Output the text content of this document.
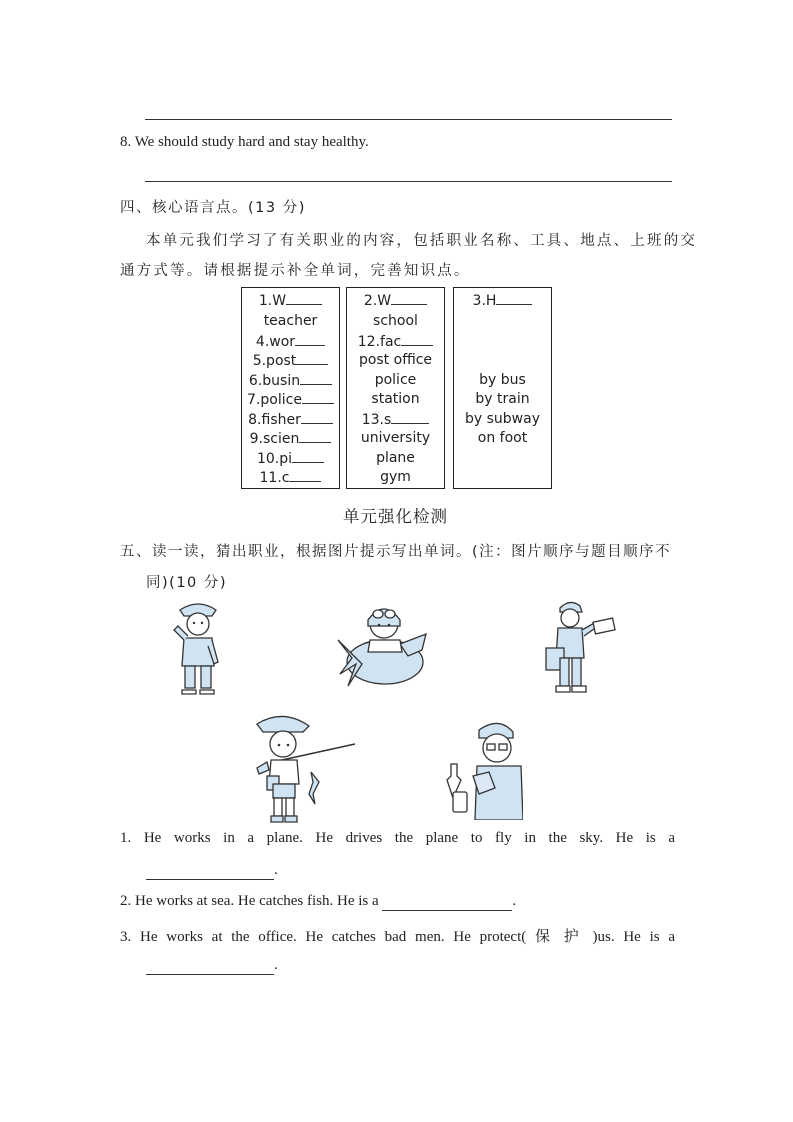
8. We should study hard and stay healthy.
四、核心语言点。(13 分)
本单元我们学习了有关职业的内容，包括职业名称、工具、地点、上班的交
通方式等。请根据提示补全单词，完善知识点。
1.W
teacher
4.wor
5.post
6.busin
7.police
8.fisher
9.scien
10.pi
11.c
2.W
school
12.fac
post office
police
station
13.s
university
plane
gym
3.H
by bus
by train
by subway
on foot
单元强化检测
五、读一读，猜出职业，根据图片提示写出单词。(注：图片顺序与题目顺序不
同)(10 分)
1. He works in a plane. He drives the plane to fly in the sky. He is a
.
2. He works at sea. He catches fish. He is a	.
3. He works at the office. He catches bad men. He protect( 保 护 )us. He is a
.
